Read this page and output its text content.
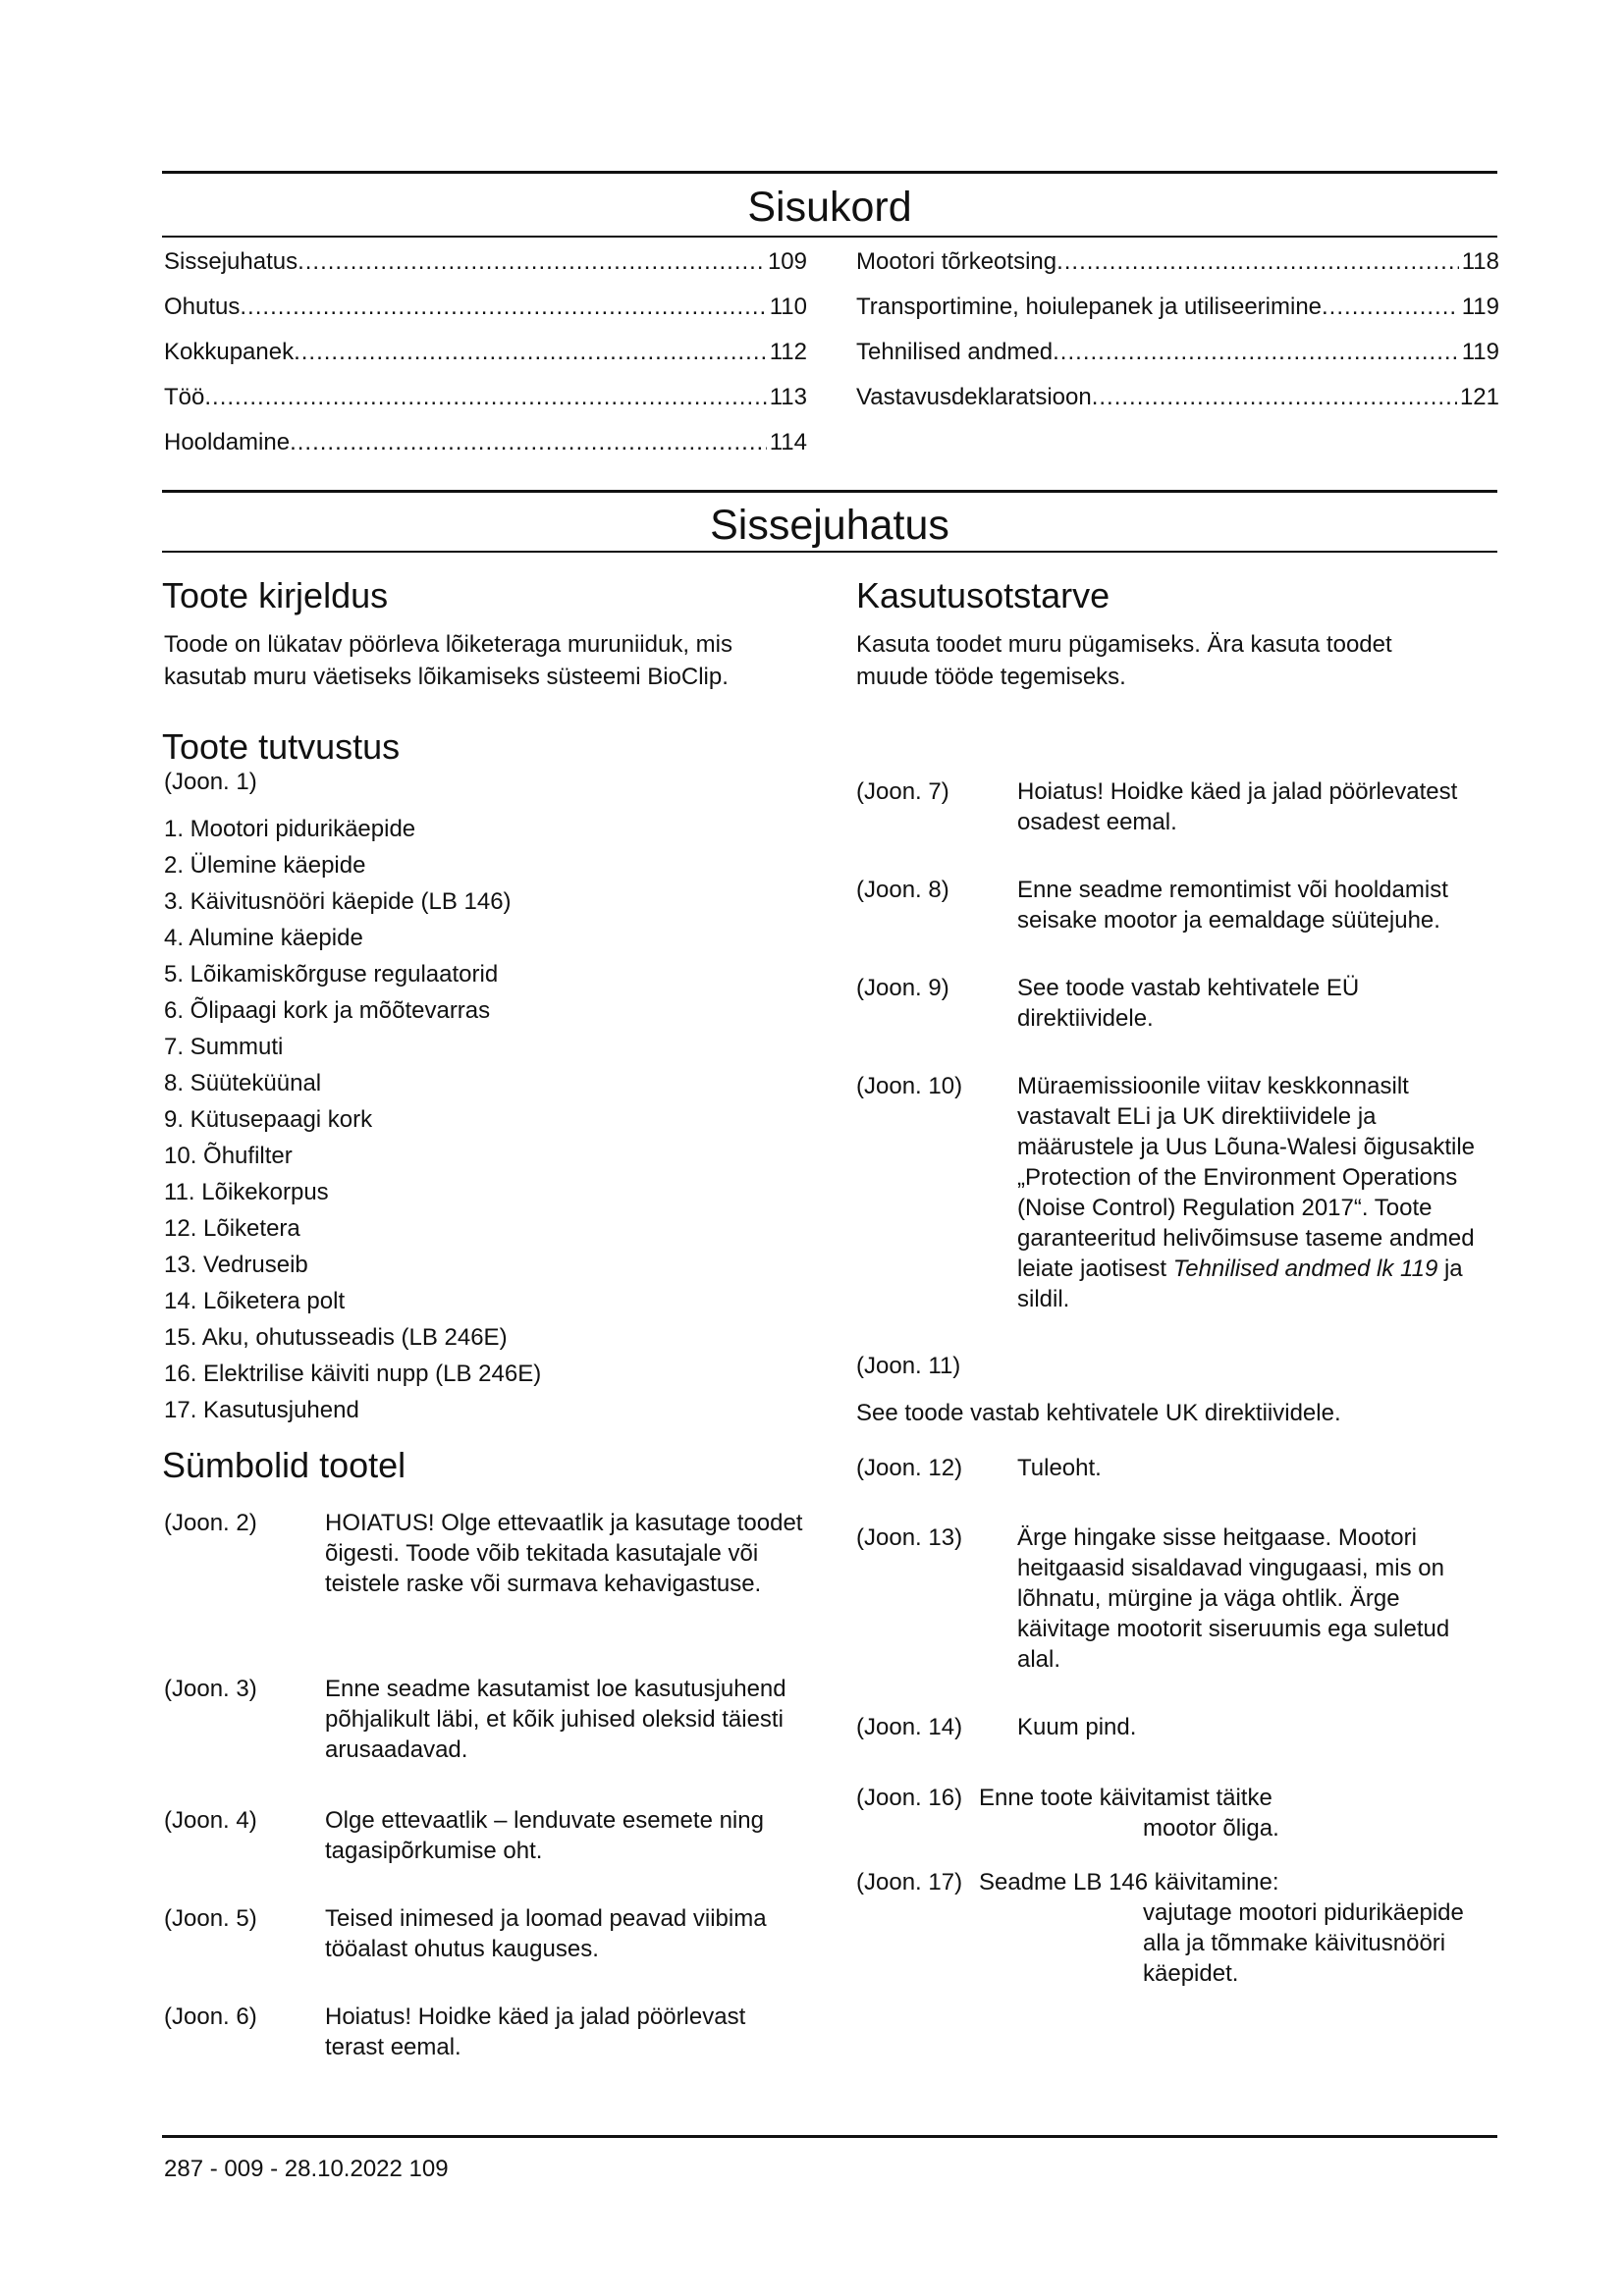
Sisukord
Sissejuhatus .....	109
Ohutus .....	110
Kokkupanek .....	112
Töö .....	113
Hooldamine .....	114
Mootori tõrkeotsing .....	118
Transportimine, hoiulepanek ja utiliseerimine .....	119
Tehnilised andmed .....	119
Vastavusdeklaratsioon .....	121
Sissejuhatus
Toote kirjeldus

Toode on lükatav pöörleva lõiketeraga muruniiduk, mis kasutab muru väetiseks lõikamiseks süsteemi BioClip.

Toote tutvustus

(Joon. 1)

1. Mootori pidurikäepide
2. Ülemine käepide
3. Käivitusnööri käepide (LB 146)
4. Alumine käepide
5. Lõikamiskõrguse regulaatorid
6. Õlipaagi kork ja mõõtevarras
7. Summuti
8. Süüteküünal
9. Kütusepaagi kork
10. Õhufilter
11. Lõikekorpus
12. Lõiketera
13. Vedruseib
14. Lõiketera polt
15. Aku, ohutusseadis (LB 246E)
16. Elektrilise käiviti nupp (LB 246E)
17. Kasutusjuhend
Sümbolid tootel
(Joon. 2)	HOIATUS! Olge ettevaatlik ja kasutage toodet õigesti. Toode võib tekitada kasutajale või teistele raske või surmava kehavigastuse.
(Joon. 3)	Enne seadme kasutamist loe kasutusjuhend põhjalikult läbi, et kõik juhised oleksid täiesti arusaadavad.
(Joon. 4)	Olge ettevaatlik – lenduvate esemete ning tagasipõrkumise oht.
(Joon. 5)	Teised inimesed ja loomad peavad viibima tööalast ohutus kauguses.
(Joon. 6)	Hoiatus! Hoidke käed ja jalad pöörlevast terast eemal.
Kasutusotstarve

Kasuta toodet muru pügamiseks. Ära kasuta toodet muude tööde tegemiseks.

(Joon. 7)	Hoiatus! Hoidke käed ja jalad pöörlevatest osadest eemal.
(Joon. 8)	Enne seadme remontimist või hooldamist seisake mootor ja eemaldage süütejuhe.
(Joon. 9)	See toode vastab kehtivatele EÜ direktiividele.
(Joon. 10) Müraemissioonile viitav keskkonnasilt vastavalt ELi ja UK direktiividele ja määrustele ja Uus Lõuna-Walesi õigusaktile „Protection of the Environment Operations (Noise Control) Regulation 2017“. Toote garanteeritud helivõimsuse taseme andmed leiate jaotisest Tehnilised andmed lk 119 ja sildil.
(Joon. 11)

See toode vastab kehtivatele UK direktiividele.

(Joon. 12) Tuleoht.
(Joon. 13) Ärge hingake sisse heitgaase. Mootori heitgaasid sisaldavad vingugaasi, mis on lõhnatu, mürgine ja väga ohtlik. Ärge käivitage mootorit siseruumis ega suletud alal.
(Joon. 14) Kuum pind.
(Joon. 16) Enne toote käivitamist täitke
mootor õliga.
(Joon. 17) Seadme LB 146 käivitamine:
vajutage mootori pidurikäepide alla ja tõmmake käivitusnööri käepidet.
287 - 009 - 28.10.2022 109
